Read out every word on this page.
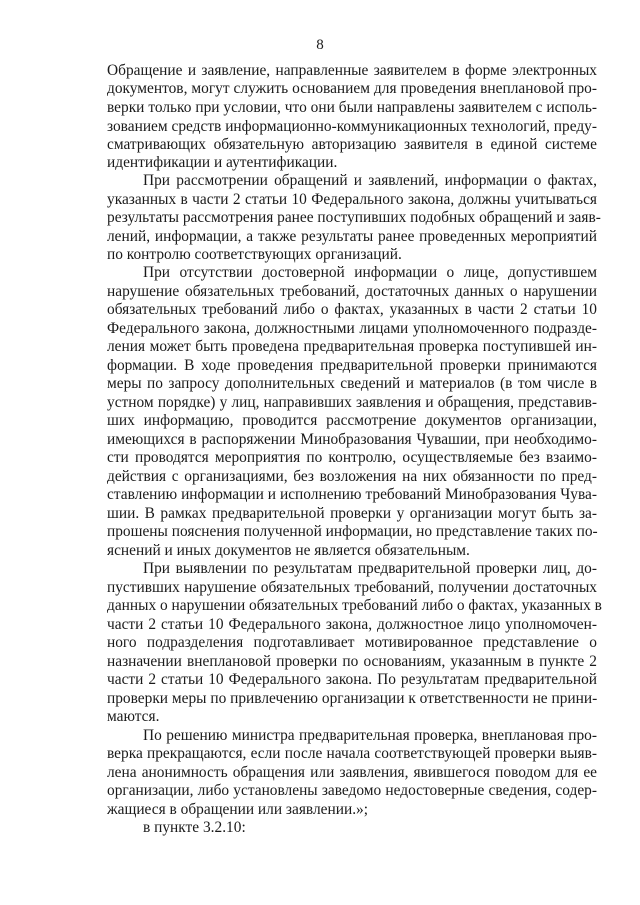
8
Обращение и заявление, направленные заявителем в форме электронных
документов, могут служить основанием для проведения внеплановой про-
верки только при условии, что они были направлены заявителем с исполь-
зованием средств информационно-коммуникационных технологий, преду-
сматривающих обязательную авторизацию заявителя в единой системе
идентификации и аутентификации.
При рассмотрении обращений и заявлений, информации о фактах,
указанных в части 2 статьи 10 Федерального закона, должны учитываться
результаты рассмотрения ранее поступивших подобных обращений и заяв-
лений, информации, а также результаты ранее проведенных мероприятий
по контролю соответствующих организаций.
При отсутствии достоверной информации о лице, допустившем
нарушение обязательных требований, достаточных данных о нарушении
обязательных требований либо о фактах, указанных в части 2 статьи 10
Федерального закона, должностными лицами уполномоченного подразде-
ления может быть проведена предварительная проверка поступившей ин-
формации. В ходе проведения предварительной проверки принимаются
меры по запросу дополнительных сведений и материалов (в том числе в
устном порядке) у лиц, направивших заявления и обращения, представив-
ших информацию, проводится рассмотрение документов организации,
имеющихся в распоряжении Минобразования Чувашии, при необходимо-
сти проводятся мероприятия по контролю, осуществляемые без взаимо-
действия с организациями, без возложения на них обязанности по пред-
ставлению информации и исполнению требований Минобразования Чува-
шии. В рамках предварительной проверки у организации могут быть за-
прошены пояснения полученной информации, но представление таких по-
яснений и иных документов не является обязательным.
При выявлении по результатам предварительной проверки лиц, до-
пустивших нарушение обязательных требований, получении достаточных
данных о нарушении обязательных требований либо о фактах, указанных в
части 2 статьи 10 Федерального закона, должностное лицо уполномочен-
ного подразделения подготавливает мотивированное представление о
назначении внеплановой проверки по основаниям, указанным в пункте 2
части 2 статьи 10 Федерального закона. По результатам предварительной
проверки меры по привлечению организации к ответственности не прини-
маются.
По решению министра предварительная проверка, внеплановая про-
верка прекращаются, если после начала соответствующей проверки выяв-
лена анонимность обращения или заявления, явившегося поводом для ее
организации, либо установлены заведомо недостоверные сведения, содер-
жащиеся в обращении или заявлении.»;
в пункте 3.2.10:
